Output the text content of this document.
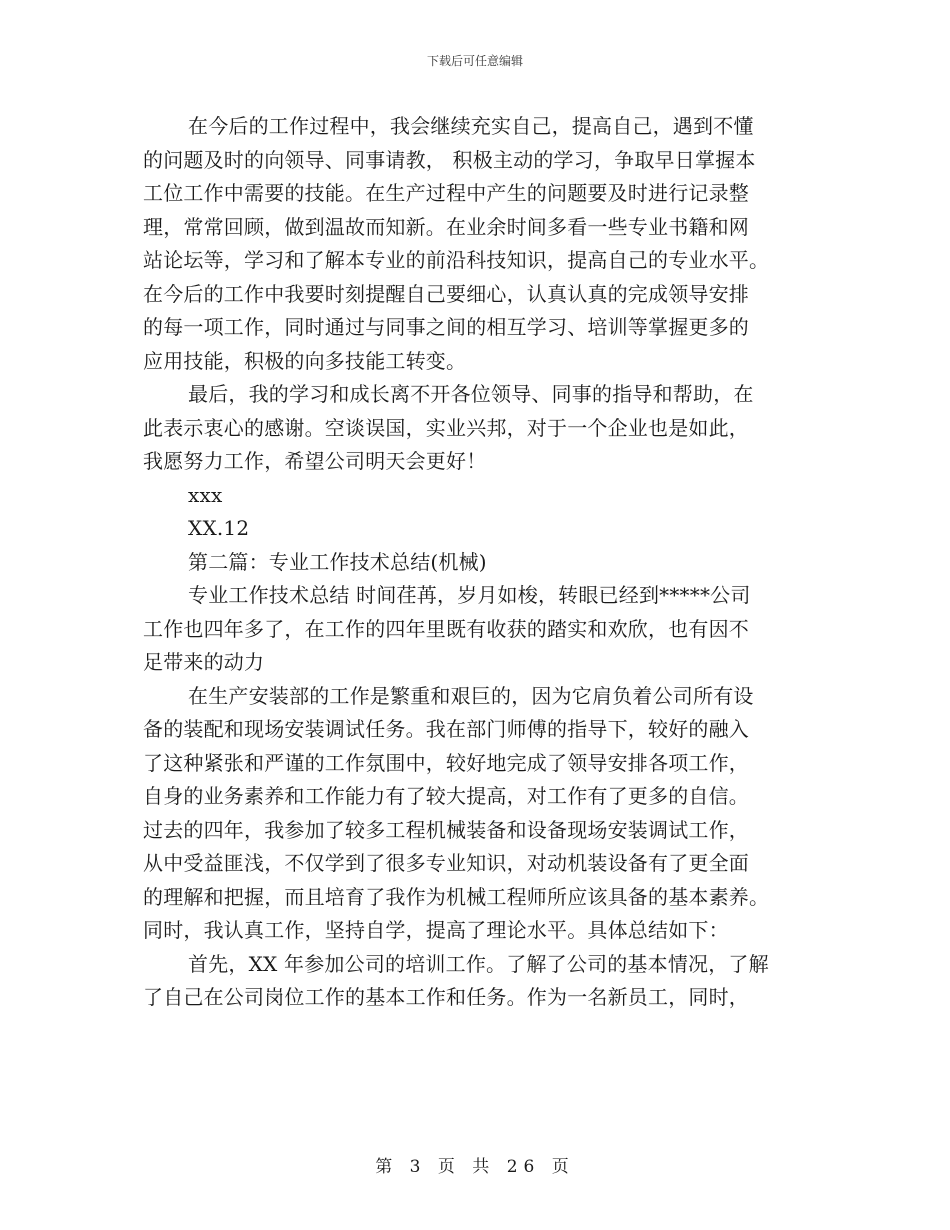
下载后可任意编辑
在今后的工作过程中，我会继续充实自己，提高自己，遇到不懂
的问题及时的向领导、同事请教， 积极主动的学习，争取早日掌握本
工位工作中需要的技能。在生产过程中产生的问题要及时进行记录整
理，常常回顾，做到温故而知新。在业余时间多看一些专业书籍和网
站论坛等，学习和了解本专业的前沿科技知识，提高自己的专业水平。
在今后的工作中我要时刻提醒自己要细心，认真认真的完成领导安排
的每一项工作，同时通过与同事之间的相互学习、培训等掌握更多的
应用技能，积极的向多技能工转变。
最后，我的学习和成长离不开各位领导、同事的指导和帮助，在
此表示衷心的感谢。空谈误国，实业兴邦，对于一个企业也是如此，
我愿努力工作，希望公司明天会更好！
xxx
XX.12
第二篇：专业工作技术总结(机械)
专业工作技术总结 时间荏苒，岁月如梭，转眼已经到*****公司
工作也四年多了，在工作的四年里既有收获的踏实和欢欣，也有因不
足带来的动力
在生产安装部的工作是繁重和艰巨的，因为它肩负着公司所有设
备的装配和现场安装调试任务。我在部门师傅的指导下，较好的融入
了这种紧张和严谨的工作氛围中，较好地完成了领导安排各项工作，
自身的业务素养和工作能力有了较大提高，对工作有了更多的自信。
过去的四年，我参加了较多工程机械装备和设备现场安装调试工作，
从中受益匪浅，不仅学到了很多专业知识，对动机装设备有了更全面
的理解和把握，而且培育了我作为机械工程师所应该具备的基本素养。
同时，我认真工作，坚持自学，提高了理论水平。具体总结如下：
首先，XX 年参加公司的培训工作。了解了公司的基本情况，了解
了自己在公司岗位工作的基本工作和任务。作为一名新员工，同时，
第 3 页 共 26 页
